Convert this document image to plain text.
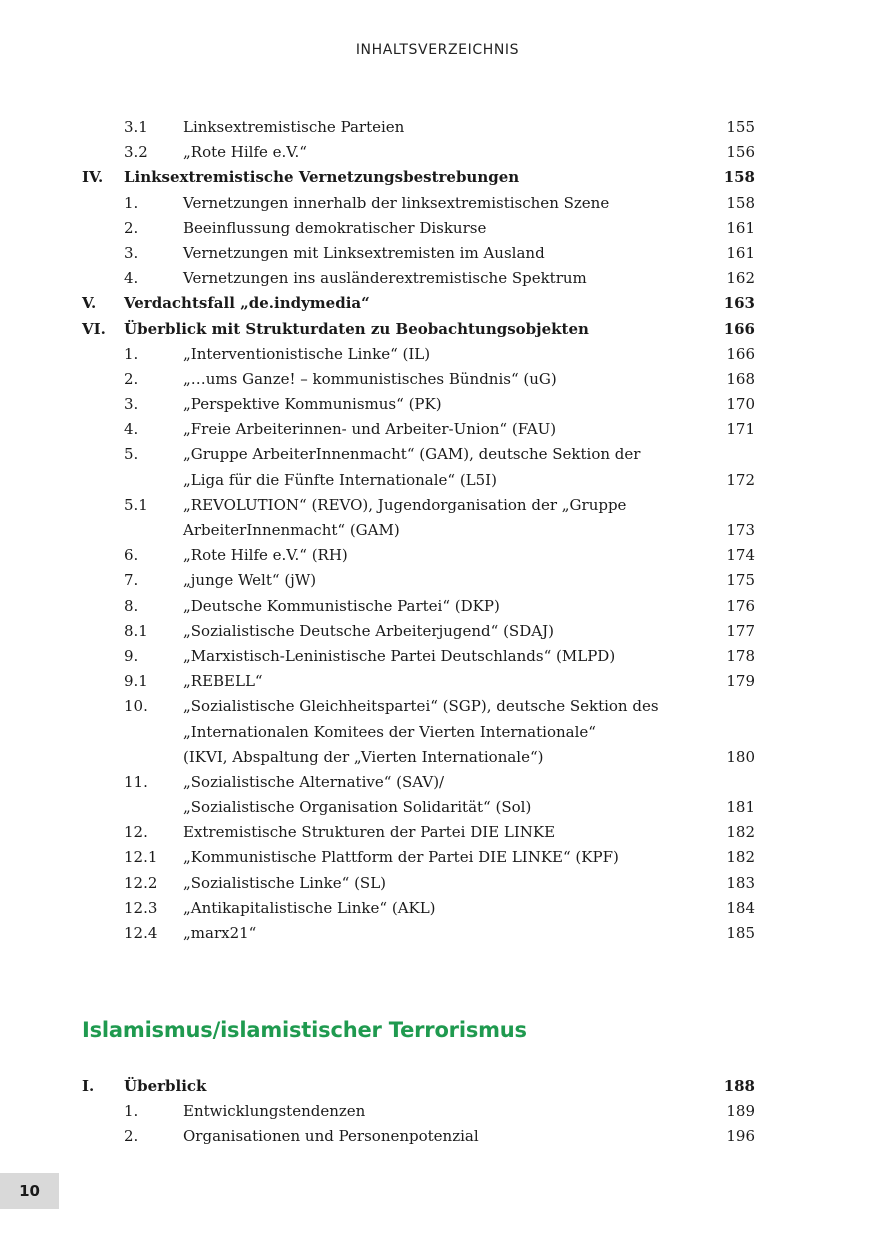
INHALTSVERZEICHNIS
3.1 Linksextremistische Parteien	155
3.2 „Rote Hilfe e.V.“	156
IV. Linksextremistische Vernetzungsbestrebungen	158
1.	Vernetzungen innerhalb der linksextremistischen Szene	158
2.	Beeinflussung demokratischer Diskurse	161
3.	Vernetzungen mit Linksextremisten im Ausland	161
4.	Vernetzungen ins ausländerextremistische Spektrum	162
V. Verdachtsfall „de.indymedia“	163
VI. Überblick mit Strukturdaten zu Beobachtungsobjekten	166
1.	„Interventionistische Linke“ (IL)	166
2.	„…ums Ganze! – kommunistisches Bündnis“ (uG)	168
3.	„Perspektive Kommunismus“ (PK)	170
4.	„Freie Arbeiterinnen- und Arbeiter-Union“ (FAU)	171
5.	„Gruppe ArbeiterInnenmacht“ (GAM), deutsche Sektion der
„Liga für die Fünfte Internationale“ (L5I)	172
5.1 „REVOLUTION“ (REVO), Jugendorganisation der „Gruppe
ArbeiterInnenmacht“ (GAM)	173
6.	„Rote Hilfe e.V.“ (RH)	174
7.	„junge Welt“ (jW)	175
8.	„Deutsche Kommunistische Partei“ (DKP)	176
8.1 „Sozialistische Deutsche Arbeiterjugend“ (SDAJ)	177
9.	„Marxistisch-Leninistische Partei Deutschlands“ (MLPD)	178
9.1 „REBELL“	179
10. „Sozialistische Gleichheitspartei“ (SGP), deutsche Sektion des
„Internationalen Komitees der Vierten Internationale“
(IKVI, Abspaltung der „Vierten Internationale“)	180
11. „Sozialistische Alternative“ (SAV)/
„Sozialistische Organisation Solidarität“ (Sol)	181
12. Extremistische Strukturen der Partei DIE LINKE	182
12.1 „Kommunistische Plattform der Partei DIE LINKE“ (KPF)	182
12.2 „Sozialistische Linke“ (SL)	183
12.3 „Antikapitalistische Linke“ (AKL)	184
12.4 „marx21“	185
Islamismus/islamistischer Terrorismus
I. Überblick	188
1.	Entwicklungstendenzen	189
2.	Organisationen und Personenpotenzial	196
10
